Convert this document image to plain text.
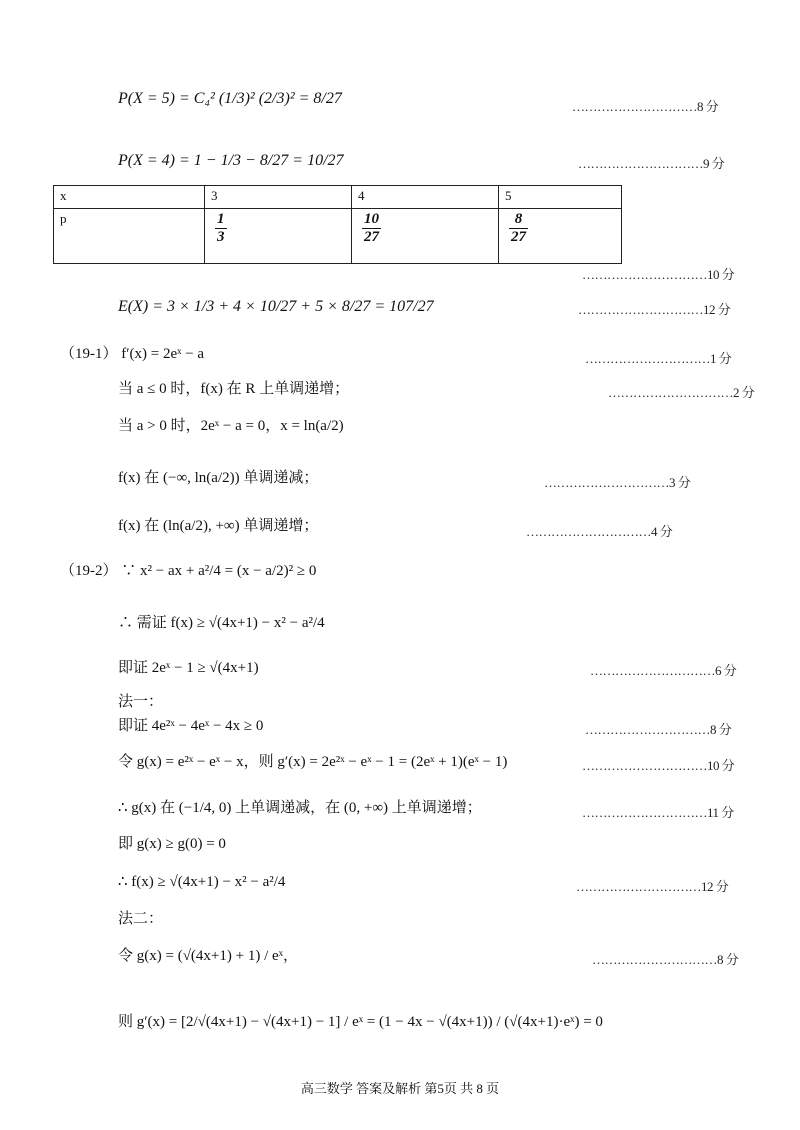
P(X = 5) = C₄² (1/3)² (2/3)² = 8/27	…………………………8 分
P(X = 4) = 1 − 1/3 − 8/27 = 10/27	…………………………9 分
x	3	4	5
p	$\frac{1}{3}$	$\frac{10}{27}$	$\frac{8}{27}$
…………………………10 分
E(X) = 3 × 1/3 + 4 × 10/27 + 5 × 8/27 = 107/27	…………………………12 分
（19-1） f′(x) = 2eˣ − a	…………………………1 分
当 a ≤ 0 时，f(x) 在 R 上单调递增；	…………………………2 分
当 a > 0 时，2eˣ − a = 0，x = ln(a/2)
f(x) 在 (−∞, ln(a/2)) 单调递减；	…………………………3 分
f(x) 在 (ln(a/2), +∞) 单调递增；	…………………………4 分
（19-2） ∵ x² − ax + a²/4 = (x − a/2)² ≥ 0
∴ 需证 f(x) ≥ √(4x+1) − x² − a²/4
即证 2eˣ − 1 ≥ √(4x+1)	…………………………6 分
法一：
即证 4e²ˣ − 4eˣ − 4x ≥ 0	…………………………8 分
令 g(x) = e²ˣ − eˣ − x，则 g′(x) = 2e²ˣ − eˣ − 1 = (2eˣ + 1)(eˣ − 1)	…………………………10 分
∴ g(x) 在 (−1/4, 0) 上单调递减，在 (0, +∞) 上单调递增；	…………………………11 分
即 g(x) ≥ g(0) = 0
∴ f(x) ≥ √(4x+1) − x² − a²/4	…………………………12 分
法二：
令 g(x) = (√(4x+1) + 1) / eˣ，	…………………………8 分
则 g′(x) = [2/√(4x+1) − √(4x+1) − 1] / eˣ = (1 − 4x − √(4x+1)) / (√(4x+1)·eˣ) = 0
高三数学 答案及解析 第5页 共 8 页
